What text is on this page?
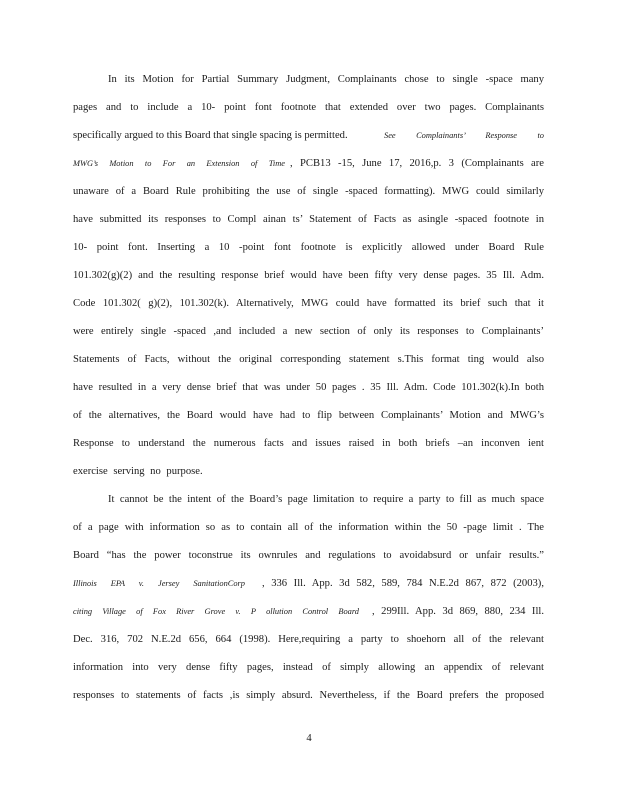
In its Motion for Partial Summary Judgment, Complainants chose to single -space many
pages and to include a 10- point font footnote that extended over two pages. Complainants
specifically argued to this Board that single spacing is permitted.	See Complainants’ Response to
MWG’s Motion to For an Extension of Time , PCB13 -15, June 17, 2016,p. 3 (Complainants are
unaware of a Board Rule prohibiting the use of single -spaced formatting). MWG could similarly
have submitted its responses to Compl ainan ts’ Statement of Facts as asingle -spaced footnote in
10- point font. Inserting a 10 -point font footnote is explicitly allowed under Board Rule
101.302(g)(2) and the resulting response brief would have been fifty very dense pages. 35 Ill. Adm.
Code 101.302( g)(2), 101.302(k). Alternatively, MWG could have formatted its brief such that it
were entirely single -spaced ,and included a new section of only its responses to Complainants’
Statements of Facts, without the original corresponding statement s.This format ting would also
have resulted in a very dense brief that was under 50 pages . 35 Ill. Adm. Code 101.302(k).In both
of the alternatives, the Board would have had to flip between Complainants’ Motion and MWG’s
Response to understand the numerous facts and issues raised in both briefs –an inconven ient
exercise serving no purpose.
It cannot be the intent of the Board’s page limitation to require a party to fill as much space
of a page with information so as to contain all of the information within the 50 -page limit . The
Board “has the power toconstrue its ownrules and regulations to avoidabsurd or unfair results.”
Illinois EPA v. Jersey SanitationCorp , 336 Ill. App. 3d 582, 589, 784 N.E.2d 867, 872 (2003),
citing Village of Fox River Grove v. P ollution Control Board , 299Ill. App. 3d 869, 880, 234 Ill.
Dec. 316, 702 N.E.2d 656, 664 (1998). Here,requiring a party to shoehorn all of the relevant
information into very dense fifty pages, instead of simply allowing an appendix of relevant
responses to statements of facts ,is simply absurd. Nevertheless, if the Board prefers the proposed
4
